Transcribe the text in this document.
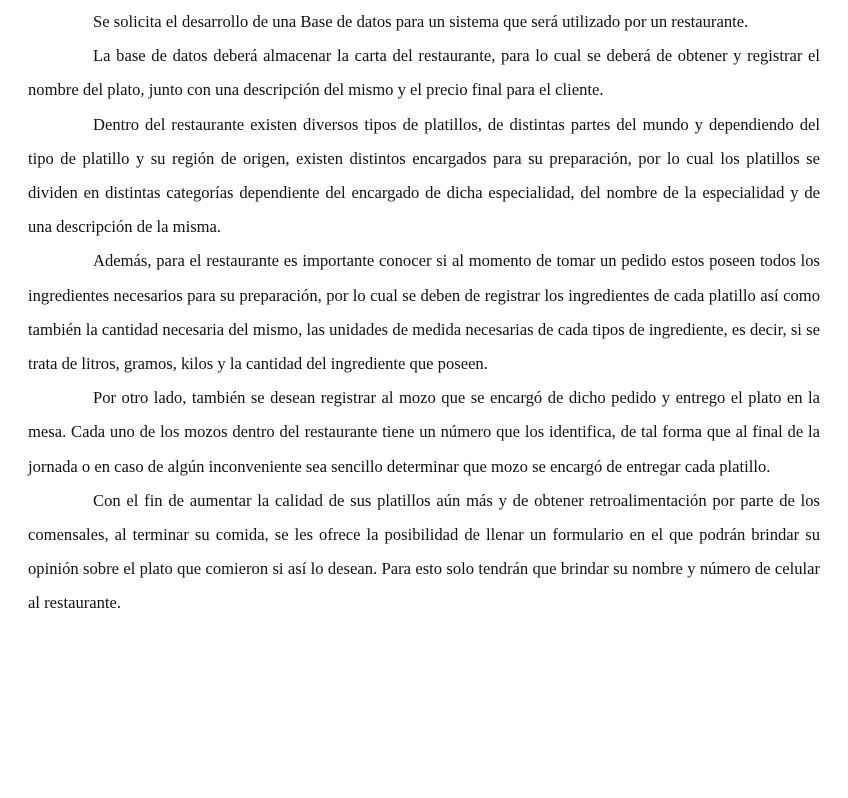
Se solicita el desarrollo de una Base de datos para un sistema que será utilizado por un restaurante.

La base de datos deberá almacenar la carta del restaurante, para lo cual se deberá de obtener y registrar el nombre del plato, junto con una descripción del mismo y el precio final para el cliente.

Dentro del restaurante existen diversos tipos de platillos, de distintas partes del mundo y dependiendo del tipo de platillo y su región de origen, existen distintos encargados para su preparación, por lo cual los platillos se dividen en distintas categorías dependiente del encargado de dicha especialidad, del nombre de la especialidad y de una descripción de la misma.

Además, para el restaurante es importante conocer si al momento de tomar un pedido estos poseen todos los ingredientes necesarios para su preparación, por lo cual se deben de registrar los ingredientes de cada platillo así como también la cantidad necesaria del mismo, las unidades de medida necesarias de cada tipos de ingrediente, es decir, si se trata de litros, gramos, kilos y la cantidad del ingrediente que poseen.

Por otro lado, también se desean registrar al mozo que se encargó de dicho pedido y entrego el plato en la mesa. Cada uno de los mozos dentro del restaurante tiene un número que los identifica, de tal forma que al final de la jornada o en caso de algún inconveniente sea sencillo determinar que mozo se encargó de entregar cada platillo.

Con el fin de aumentar la calidad de sus platillos aún más y de obtener retroalimentación por parte de los comensales, al terminar su comida, se les ofrece la posibilidad de llenar un formulario en el que podrán brindar su opinión sobre el plato que comieron si así lo desean. Para esto solo tendrán que brindar su nombre y número de celular al restaurante.
